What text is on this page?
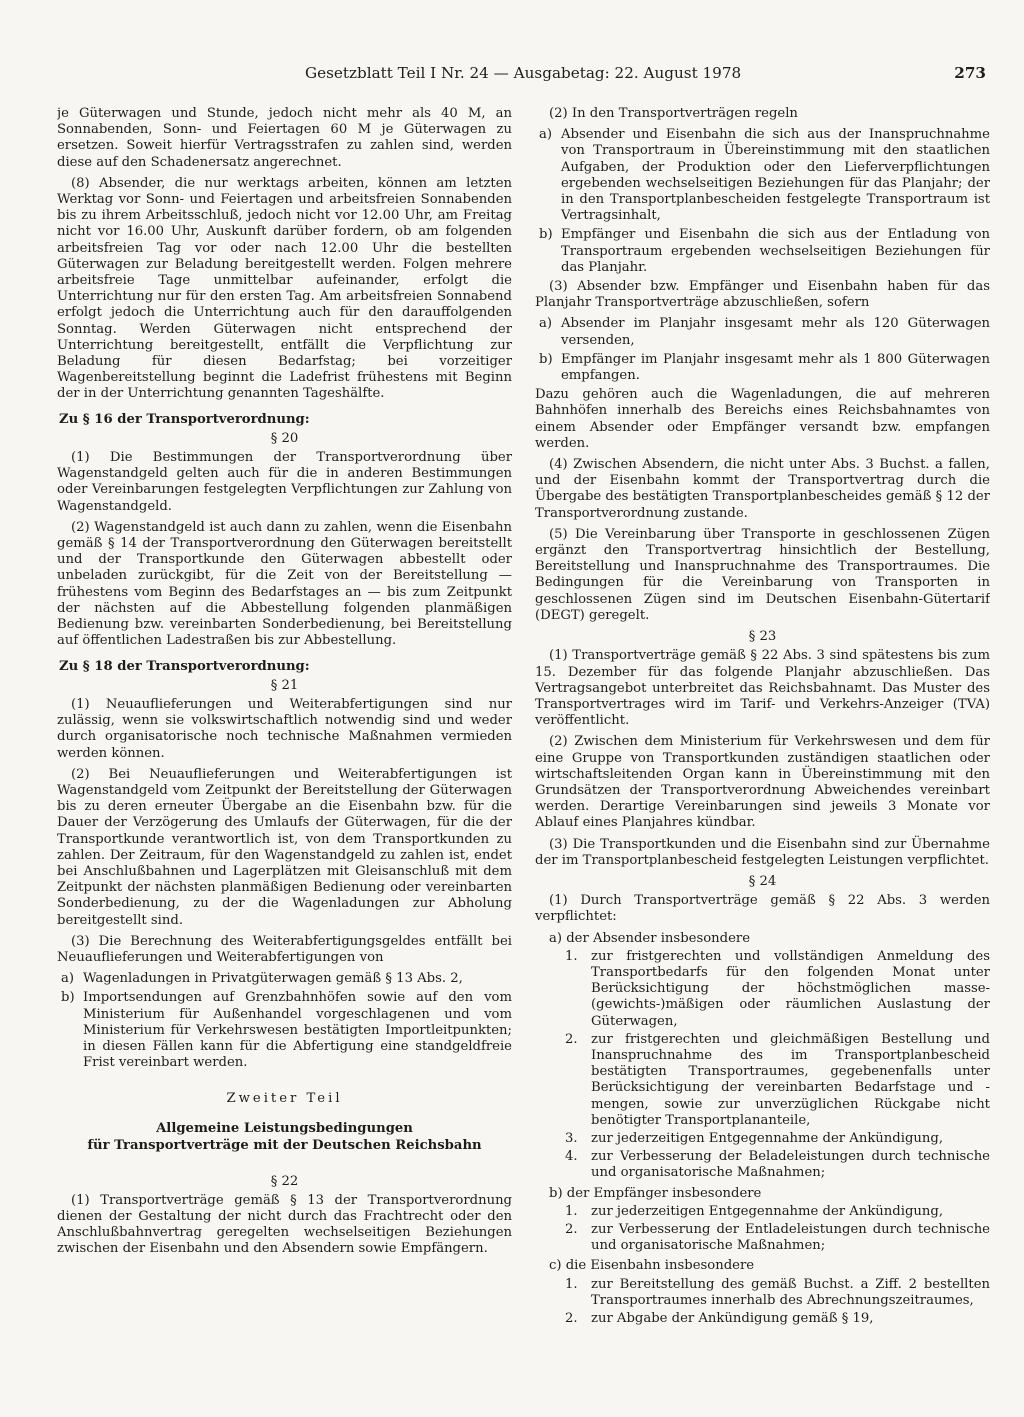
Gesetzblatt Teil I Nr. 24 — Ausgabetag: 22. August 1978	273

je Güterwagen und Stunde, jedoch nicht mehr als 40 M, an Sonnabenden, Sonn- und Feiertagen 60 M je Güterwagen zu ersetzen. Soweit hierfür Vertragsstrafen zu zahlen sind, werden diese auf den Schadenersatz angerechnet.

(8) Absender, die nur werktags arbeiten, können am letzten Werktag vor Sonn- und Feiertagen und arbeitsfreien Sonnabenden bis zu ihrem Arbeitsschluß, jedoch nicht vor 12.00 Uhr, am Freitag nicht vor 16.00 Uhr, Auskunft darüber fordern, ob am folgenden arbeitsfreien Tag vor oder nach 12.00 Uhr die bestellten Güterwagen zur Beladung bereitgestellt werden. Folgen mehrere arbeitsfreie Tage unmittelbar aufeinander, erfolgt die Unterrichtung nur für den ersten Tag. Am arbeitsfreien Sonnabend erfolgt jedoch die Unterrichtung auch für den darauffolgenden Sonntag. Werden Güterwagen nicht entsprechend der Unterrichtung bereitgestellt, entfällt die Verpflichtung zur Beladung für diesen Bedarfstag; bei vorzeitiger Wagenbereitstellung beginnt die Ladefrist frühestens mit Beginn der in der Unterrichtung genannten Tageshälfte.

Zu § 16 der Transportverordnung:
§ 20

(1) Die Bestimmungen der Transportverordnung über Wagenstandgeld gelten auch für die in anderen Bestimmungen oder Vereinbarungen festgelegten Verpflichtungen zur Zahlung von Wagenstandgeld.

(2) Wagenstandgeld ist auch dann zu zahlen, wenn die Eisenbahn gemäß § 14 der Transportverordnung den Güterwagen bereitstellt und der Transportkunde den Güterwagen abbestellt oder unbeladen zurückgibt, für die Zeit von der Bereitstellung — frühestens vom Beginn des Bedarfstages an — bis zum Zeitpunkt der nächsten auf die Abbestellung folgenden planmäßigen Bedienung bzw. vereinbarten Sonderbedienung, bei Bereitstellung auf öffentlichen Ladestraßen bis zur Abbestellung.

Zu § 18 der Transportverordnung:
§ 21

(1) Neuauflieferungen und Weiterabfertigungen sind nur zulässig, wenn sie volkswirtschaftlich notwendig sind und weder durch organisatorische noch technische Maßnahmen vermieden werden können.

(2) Bei Neuauflieferungen und Weiterabfertigungen ist Wagenstandgeld vom Zeitpunkt der Bereitstellung der Güterwagen bis zu deren erneuter Übergabe an die Eisenbahn bzw. für die Dauer der Verzögerung des Umlaufs der Güterwagen, für die der Transportkunde verantwortlich ist, von dem Transportkunden zu zahlen. Der Zeitraum, für den Wagenstandgeld zu zahlen ist, endet bei Anschlußbahnen und Lagerplätzen mit Gleisanschluß mit dem Zeitpunkt der nächsten planmäßigen Bedienung oder vereinbarten Sonderbedienung, zu der die Wagenladungen zur Abholung bereitgestellt sind.

(3) Die Berechnung des Weiterabfertigungsgeldes entfällt bei Neuauflieferungen und Weiterabfertigungen von

a) Wagenladungen in Privatgüterwagen gemäß § 13 Abs. 2,
b) Importsendungen auf Grenzbahnhöfen sowie auf den vom Ministerium für Außenhandel vorgeschlagenen und vom Ministerium für Verkehrswesen bestätigten Importleitpunkten; in diesen Fällen kann für die Abfertigung eine standgeldfreie Frist vereinbart werden.
Zweiter Teil
Allgemeine Leistungsbedingungen
für Transportverträge mit der Deutschen Reichsbahn
§ 22

(1) Transportverträge gemäß § 13 der Transportverordnung dienen der Gestaltung der nicht durch das Frachtrecht oder den Anschlußbahnvertrag geregelten wechselseitigen Beziehungen zwischen der Eisenbahn und den Absendern sowie Empfängern.

(2) In den Transportverträgen regeln

a) Absender und Eisenbahn die sich aus der Inanspruchnahme von Transportraum in Übereinstimmung mit den staatlichen Aufgaben, der Produktion oder den Lieferverpflichtungen ergebenden wechselseitigen Beziehungen für das Planjahr; der in den Transportplanbescheiden festgelegte Transportraum ist Vertragsinhalt,
b) Empfänger und Eisenbahn die sich aus der Entladung von Transportraum ergebenden wechselseitigen Beziehungen für das Planjahr.

(3) Absender bzw. Empfänger und Eisenbahn haben für das Planjahr Transportverträge abzuschließen, sofern

a) Absender im Planjahr insgesamt mehr als 120 Güterwagen versenden,
b) Empfänger im Planjahr insgesamt mehr als 1 800 Güterwagen empfangen.

Dazu gehören auch die Wagenladungen, die auf mehreren Bahnhöfen innerhalb des Bereichs eines Reichsbahnamtes von einem Absender oder Empfänger versandt bzw. empfangen werden.

(4) Zwischen Absendern, die nicht unter Abs. 3 Buchst. a fallen, und der Eisenbahn kommt der Transportvertrag durch die Übergabe des bestätigten Transportplanbescheides gemäß § 12 der Transportverordnung zustande.

(5) Die Vereinbarung über Transporte in geschlossenen Zügen ergänzt den Transportvertrag hinsichtlich der Bestellung, Bereitstellung und Inanspruchnahme des Transportraumes. Die Bedingungen für die Vereinbarung von Transporten in geschlossenen Zügen sind im Deutschen Eisenbahn-Gütertarif (DEGT) geregelt.

§ 23

(1) Transportverträge gemäß § 22 Abs. 3 sind spätestens bis zum 15. Dezember für das folgende Planjahr abzuschließen. Das Vertragsangebot unterbreitet das Reichsbahnamt. Das Muster des Transportvertrages wird im Tarif- und Verkehrs-Anzeiger (TVA) veröffentlicht.

(2) Zwischen dem Ministerium für Verkehrswesen und dem für eine Gruppe von Transportkunden zuständigen staatlichen oder wirtschaftsleitenden Organ kann in Übereinstimmung mit den Grundsätzen der Transportverordnung Abweichendes vereinbart werden. Derartige Vereinbarungen sind jeweils 3 Monate vor Ablauf eines Planjahres kündbar.

(3) Die Transportkunden und die Eisenbahn sind zur Übernahme der im Transportplanbescheid festgelegten Leistungen verpflichtet.

§ 24

(1) Durch Transportverträge gemäß § 22 Abs. 3 werden verpflichtet:

a) der Absender insbesondere
1.	zur fristgerechten und vollständigen Anmeldung des Transportbedarfs für den folgenden Monat unter Berücksichtigung der höchstmöglichen masse-(gewichts-)mäßigen oder räumlichen Auslastung der Güterwagen,
2.	zur fristgerechten und gleichmäßigen Bestellung und Inanspruchnahme des im Transportplanbescheid bestätigten Transportraumes, gegebenenfalls unter Berücksichtigung der vereinbarten Bedarfstage und -mengen, sowie zur unverzüglichen Rückgabe nicht benötigter Transportplananteile,
3.	zur jederzeitigen Entgegennahme der Ankündigung,
4.	zur Verbesserung der Beladeleistungen durch technische und organisatorische Maßnahmen;
b) der Empfänger insbesondere
1.	zur jederzeitigen Entgegennahme der Ankündigung,
2.	zur Verbesserung der Entladeleistungen durch technische und organisatorische Maßnahmen;
c) die Eisenbahn insbesondere
1.	zur Bereitstellung des gemäß Buchst. a Ziff. 2 bestellten Transportraumes innerhalb des Abrechnungszeitraumes,
2.	zur Abgabe der Ankündigung gemäß § 19,
